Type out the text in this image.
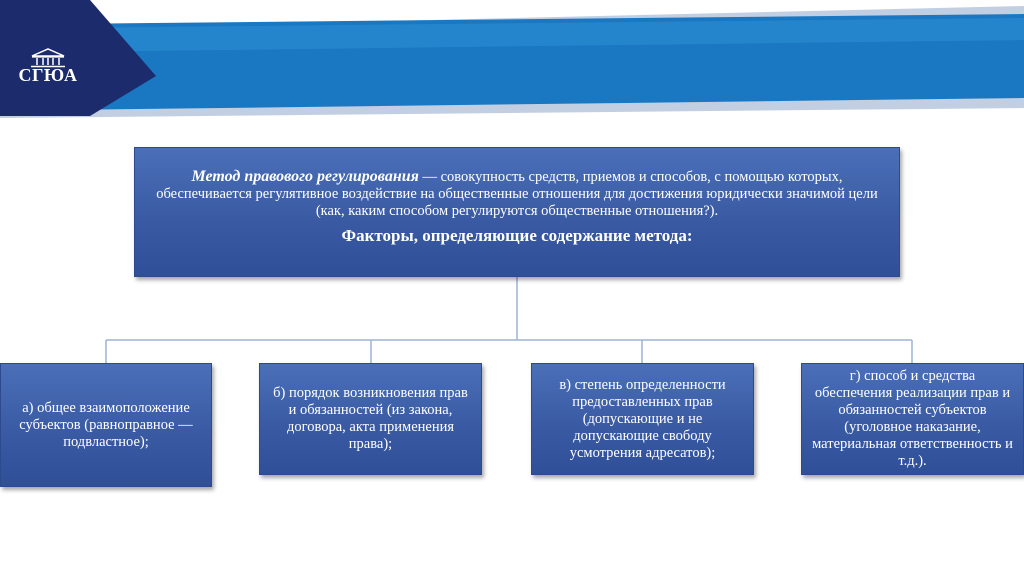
СГЮА
Метод правового регулирования — совокупность средств, приемов и способов, с помощью которых, обеспечивается регулятивное воздействие на общественные отношения для достижения юридически значимой цели (как, каким способом регулируются общественные отношения?).
Факторы, определяющие содержание метода:
а) общее взаимоположение субъектов (равноправное — подвластное);
б) порядок возникновения прав и обязанностей (из закона, договора, акта применения права);
в) степень определенности предоставленных прав (допускающие и не допускающие свободу усмотрения адресатов);
г) способ и средства обеспечения реализации прав и обязанностей субъектов (уголовное наказание, материальная ответственность и т.д.).
